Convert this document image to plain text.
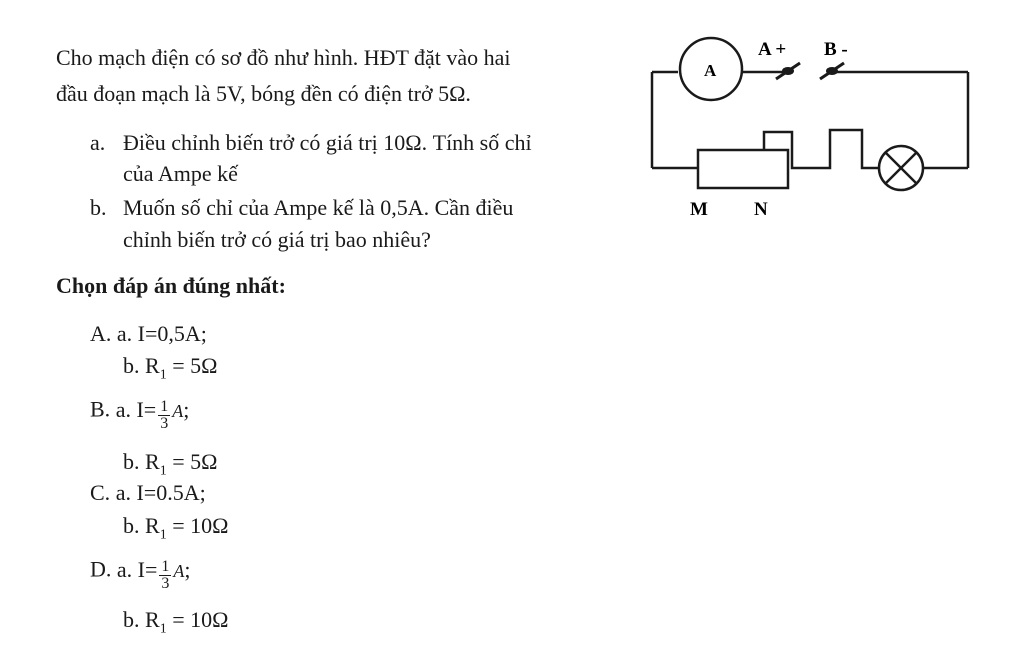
Cho mạch điện có sơ đồ như hình. HĐT đặt vào hai
đầu đoạn mạch là 5V, bóng đền có điện trở 5Ω.
a. Điều chỉnh biến trở có giá trị 10Ω. Tính số chỉ
của Ampe kế
b. Muốn số chỉ của Ampe kế là 0,5A. Cần điều
chỉnh biến trở có giá trị bao nhiêu?
A
A + B -
M N
Chọn đáp án đúng nhất:
A. a. I=0,5A;
b. $R_1 = 5\Omega$
B. a. $I= \frac{1}{3} A$;
b. $R_1 = 5\Omega$
C. a. I=0.5A;
b. $R_1 = 10\Omega$
D. a. $I= \frac{1}{3} A$;
b. $R_1 = 10\Omega$
